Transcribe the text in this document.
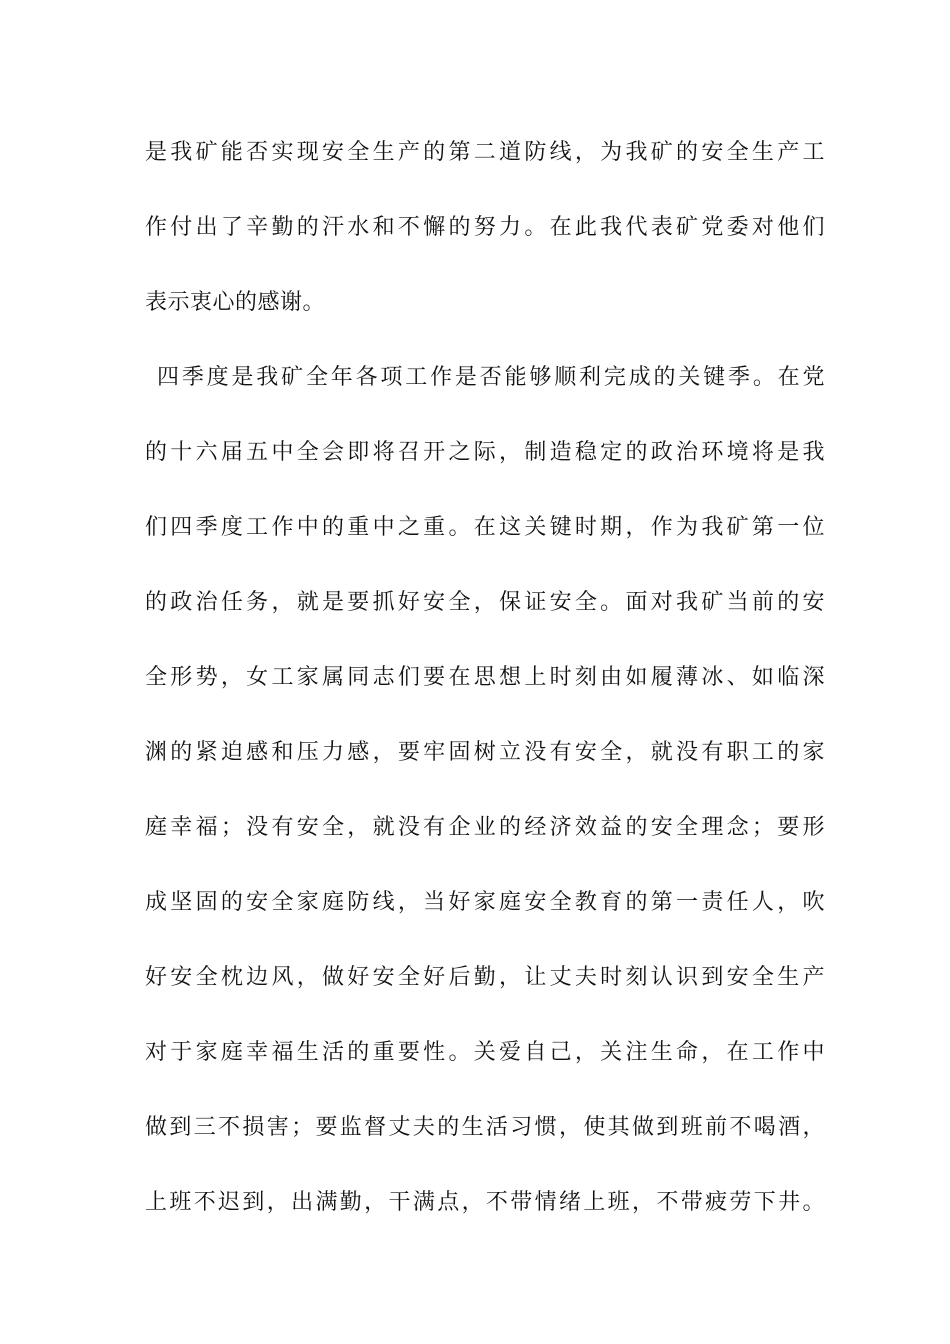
是我矿能否实现安全生产的第二道防线，为我矿的安全生产工
作付出了辛勤的汗水和不懈的努力。在此我代表矿党委对他们
表示衷心的感谢。
四季度是我矿全年各项工作是否能够顺利完成的关键季。在党
的十六届五中全会即将召开之际，制造稳定的政治环境将是我
们四季度工作中的重中之重。在这关键时期，作为我矿第一位
的政治任务，就是要抓好安全，保证安全。面对我矿当前的安
全形势，女工家属同志们要在思想上时刻由如履薄冰、如临深
渊的紧迫感和压力感，要牢固树立没有安全，就没有职工的家
庭幸福；没有安全，就没有企业的经济效益的安全理念；要形
成坚固的安全家庭防线，当好家庭安全教育的第一责任人，吹
好安全枕边风，做好安全好后勤，让丈夫时刻认识到安全生产
对于家庭幸福生活的重要性。关爱自己，关注生命，在工作中
做到三不损害；要监督丈夫的生活习惯，使其做到班前不喝酒，
上班不迟到，出满勤，干满点，不带情绪上班，不带疲劳下井。
